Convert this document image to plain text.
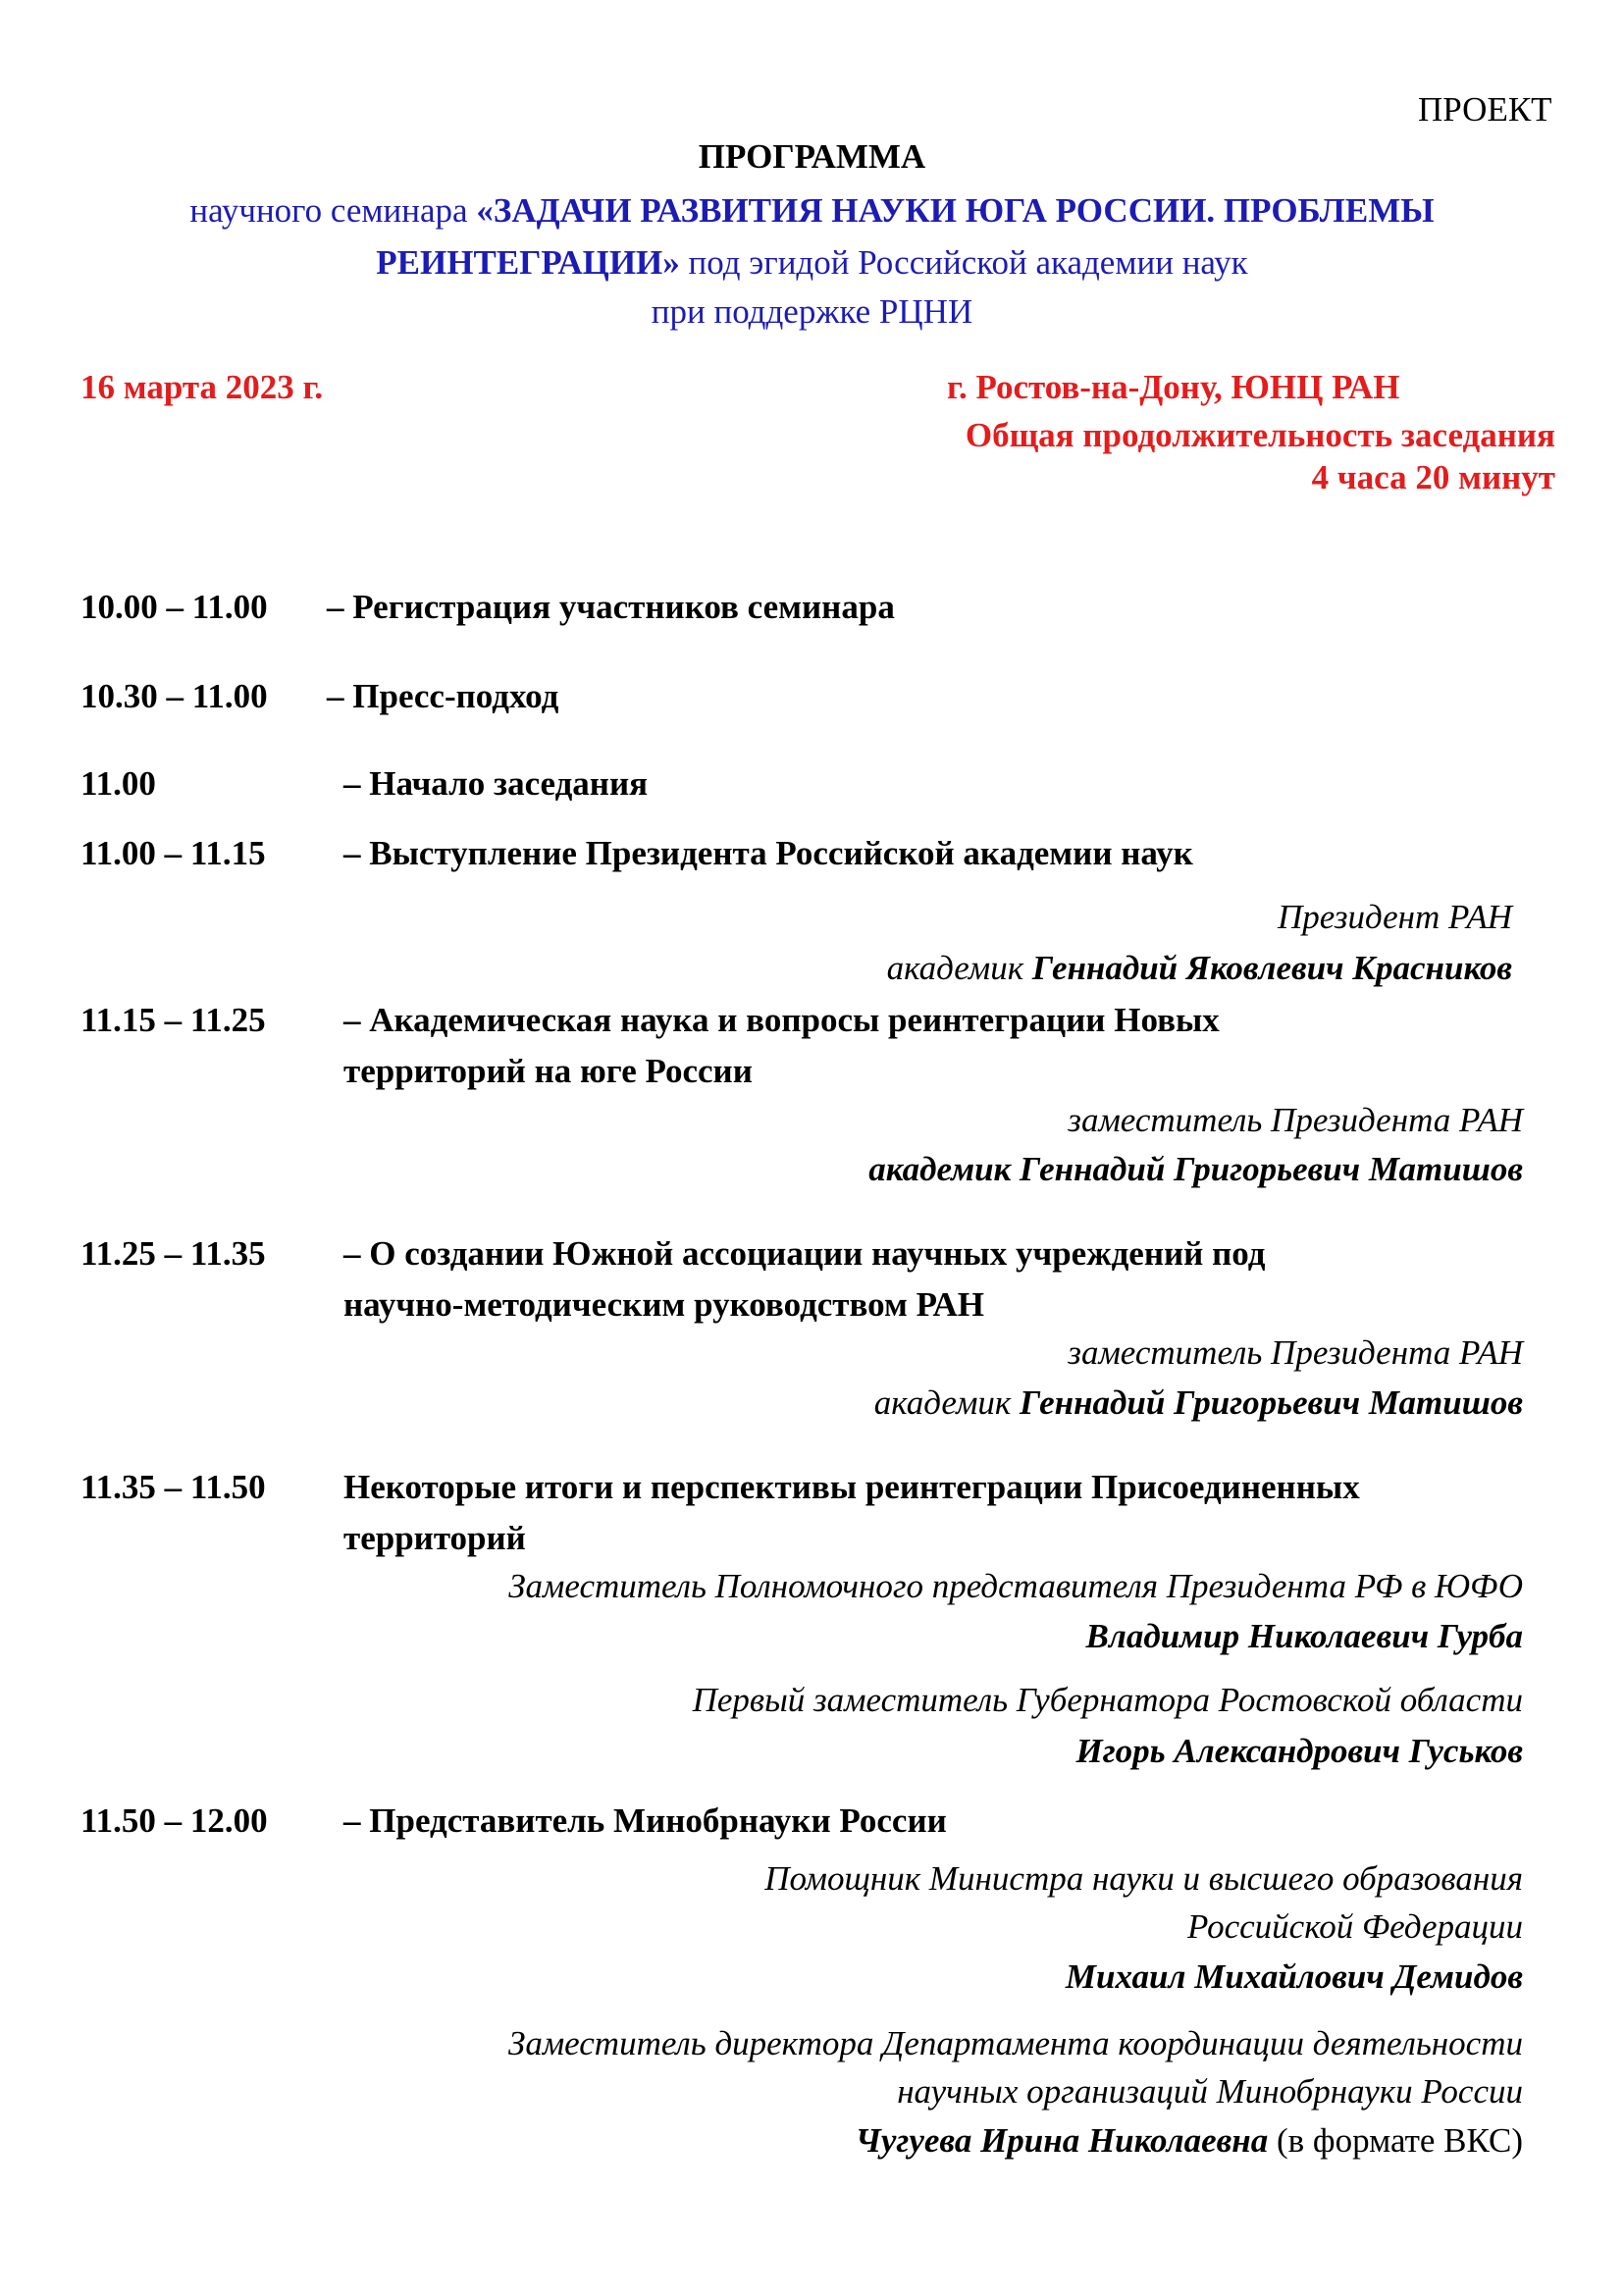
ПРОЕКТ
ПРОГРАММА
научного семинара «ЗАДАЧИ РАЗВИТИЯ НАУКИ ЮГА РОССИИ. ПРОБЛЕМЫ
РЕИНТЕГРАЦИИ» под эгидой Российской академии наук
при поддержке РЦНИ
16 марта 2023 г.	г. Ростов-на-Дону, ЮНЦ РАН
Общая продолжительность заседания
4 часа 20 минут
10.00 – 11.00 – Регистрация участников семинара
10.30 – 11.00 – Пресс-подход
11.00	– Начало заседания
11.00 – 11.15 – Выступление Президента Российской академии наук
Президент РАН
академик Геннадий Яковлевич Красников
11.15 – 11.25 – Академическая наука и вопросы реинтеграции Новых
территорий на юге России
заместитель Президента РАН
академик Геннадий Григорьевич Матишов
11.25 – 11.35 – О создании Южной ассоциации научных учреждений под
научно-методическим руководством РАН
заместитель Президента РАН
академик Геннадий Григорьевич Матишов
11.35 – 11.50 Некоторые итоги и перспективы реинтеграции Присоединенных
территорий
Заместитель Полномочного представителя Президента РФ в ЮФО
Владимир Николаевич Гурба
Первый заместитель Губернатора Ростовской области
Игорь Александрович Гуськов
11.50 – 12.00 – Представитель Минобрнауки России
Помощник Министра науки и высшего образования
Российской Федерации
Михаил Михайлович Демидов
Заместитель директора Департамента координации деятельности
научных организаций Минобрнауки России
Чугуева Ирина Николаевна (в формате ВКС)
